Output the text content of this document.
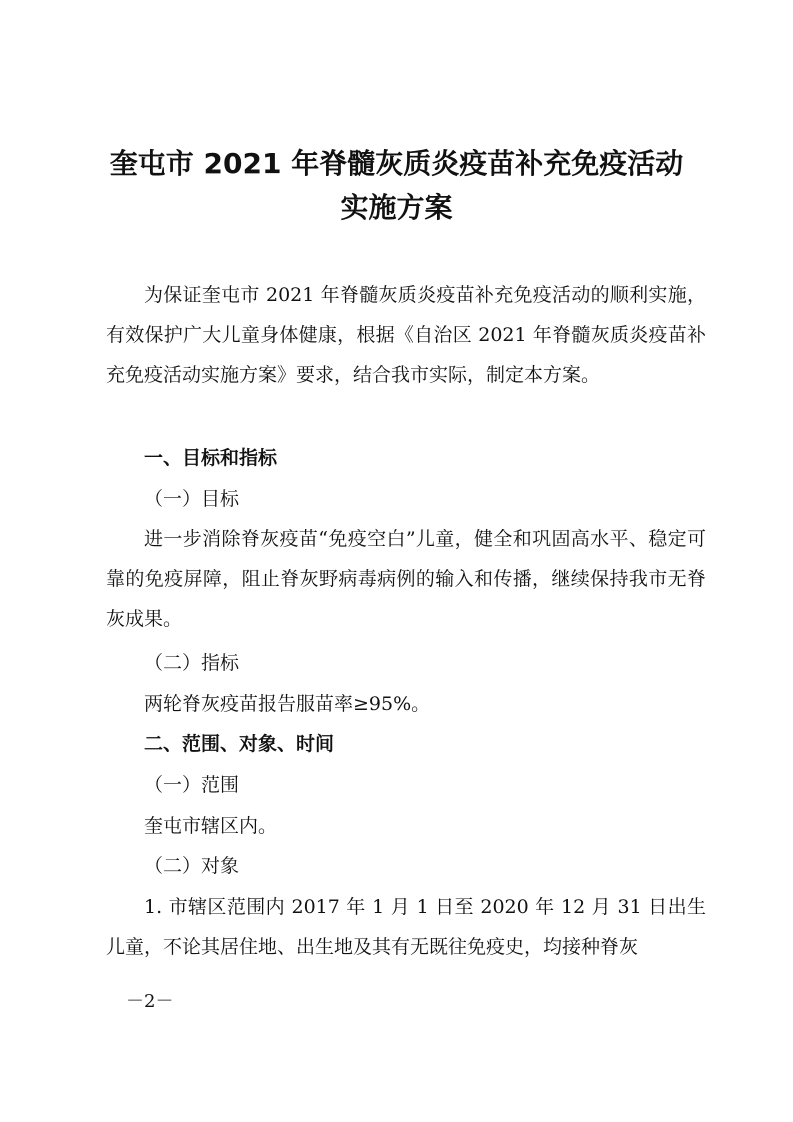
奎屯市 2021 年脊髓灰质炎疫苗补充免疫活动
实施方案

为保证奎屯市 2021 年脊髓灰质炎疫苗补充免疫活动的顺利实施，有效保护广大儿童身体健康，根据《自治区 2021 年脊髓灰质炎疫苗补充免疫活动实施方案》要求，结合我市实际，制定本方案。

一、目标和指标
（一）目标

进一步消除脊灰疫苗“免疫空白”儿童，健全和巩固高水平、稳定可靠的免疫屏障，阻止脊灰野病毒病例的输入和传播，继续保持我市无脊灰成果。

（二）指标
两轮脊灰疫苗报告服苗率≥95%。
二、范围、对象、时间
（一）范围
奎屯市辖区内。
（二）对象

1. 市辖区范围内 2017 年 1 月 1 日至 2020 年 12 月 31 日出生儿童，不论其居住地、出生地及其有无既往免疫史，均接种脊灰

－2－
